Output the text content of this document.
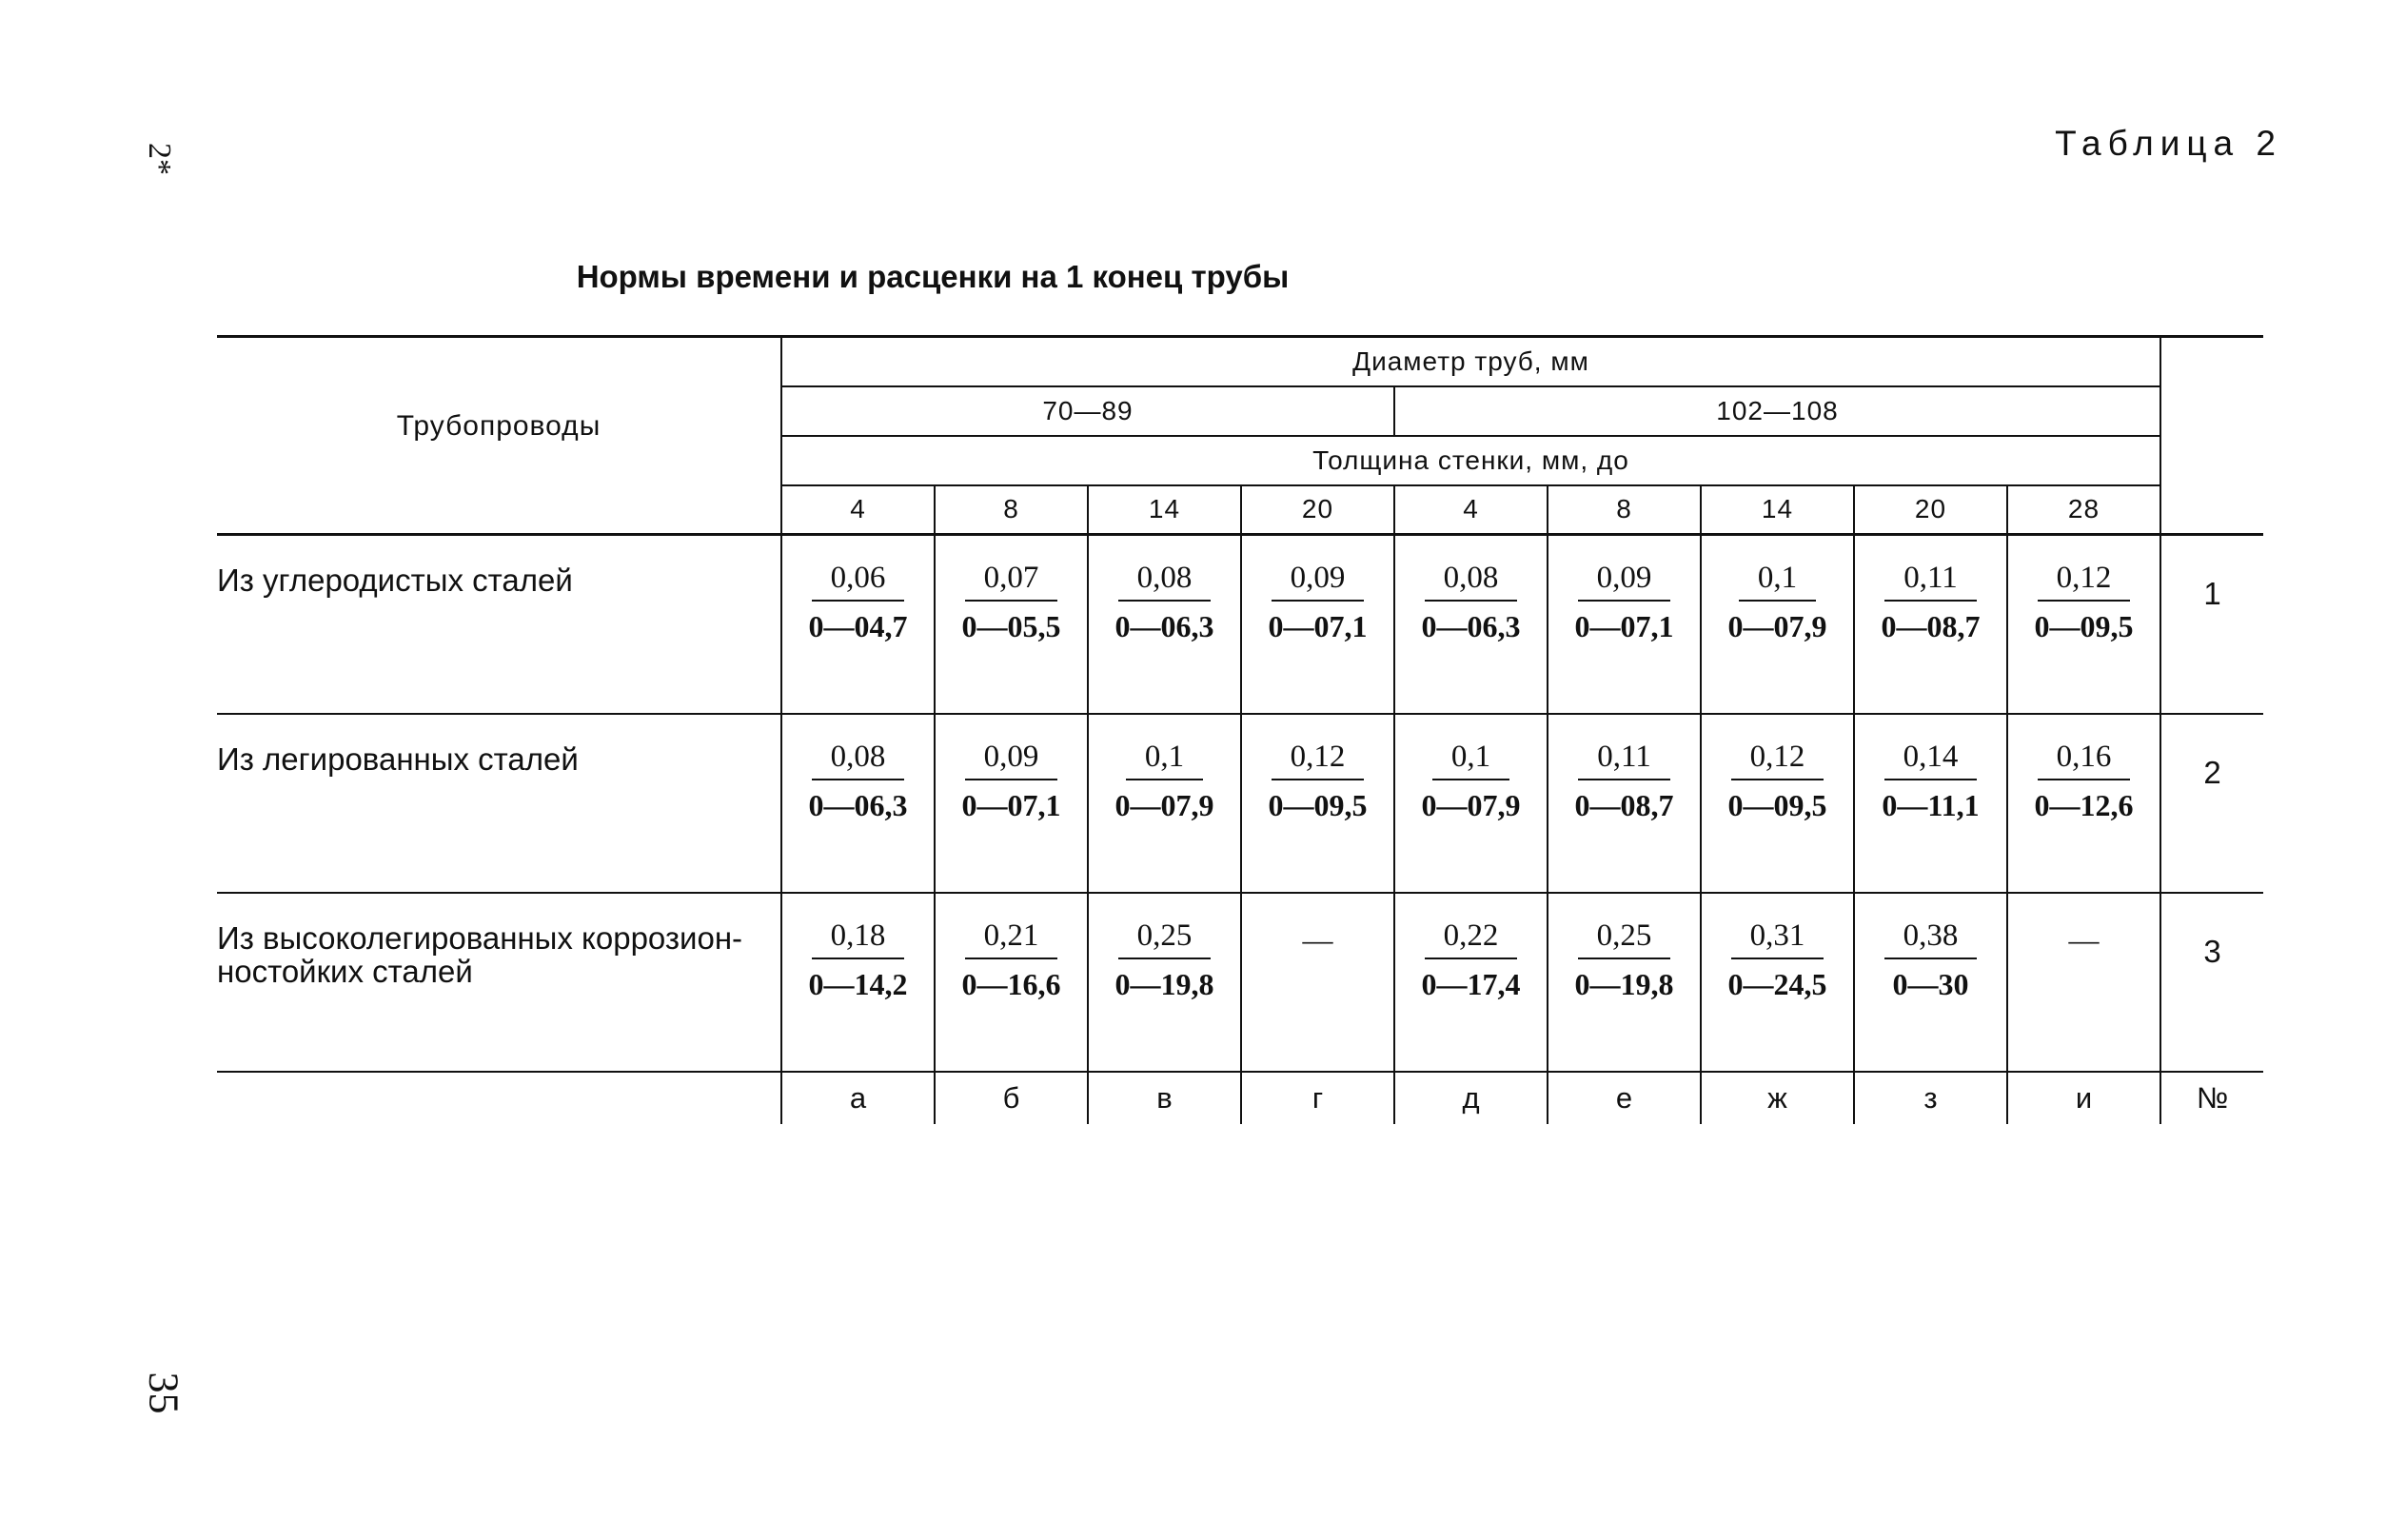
2*
35
Таблица 2
Нормы времени и расценки на 1 конец трубы
Трубопроводы	Диаметр труб, мм									
	70—89				102—108					
	Толщина стенки, мм, до									
	4	8	14	20	4	8	14	20	28	
Из углеродистых сталей	$\frac{0,06}{0—04,7}$	$\frac{0,07}{0—05,5}$	$\frac{0,08}{0—06,3}$	$\frac{0,09}{0—07,1}$	$\frac{0,08}{0—06,3}$	$\frac{0,09}{0—07,1}$	$\frac{0,1}{0—07,9}$	$\frac{0,11}{0—08,7}$	$\frac{0,12}{0—09,5}$	1
Из легированных сталей	$\frac{0,08}{0—06,3}$	$\frac{0,09}{0—07,1}$	$\frac{0,1}{0—07,9}$	$\frac{0,12}{0—09,5}$	$\frac{0,1}{0—07,9}$	$\frac{0,11}{0—08,7}$	$\frac{0,12}{0—09,5}$	$\frac{0,14}{0—11,1}$	$\frac{0,16}{0—12,6}$	2
Из высоколегированных коррозион-
ностойких сталей	$\frac{0,18}{0—14,2}$	$\frac{0,21}{0—16,6}$	$\frac{0,25}{0—19,8}$	—	$\frac{0,22}{0—17,4}$	$\frac{0,25}{0—19,8}$	$\frac{0,31}{0—24,5}$	$\frac{0,38}{0—30}$	—	3
	а	б	в	г	д	е	ж	з	и	№
